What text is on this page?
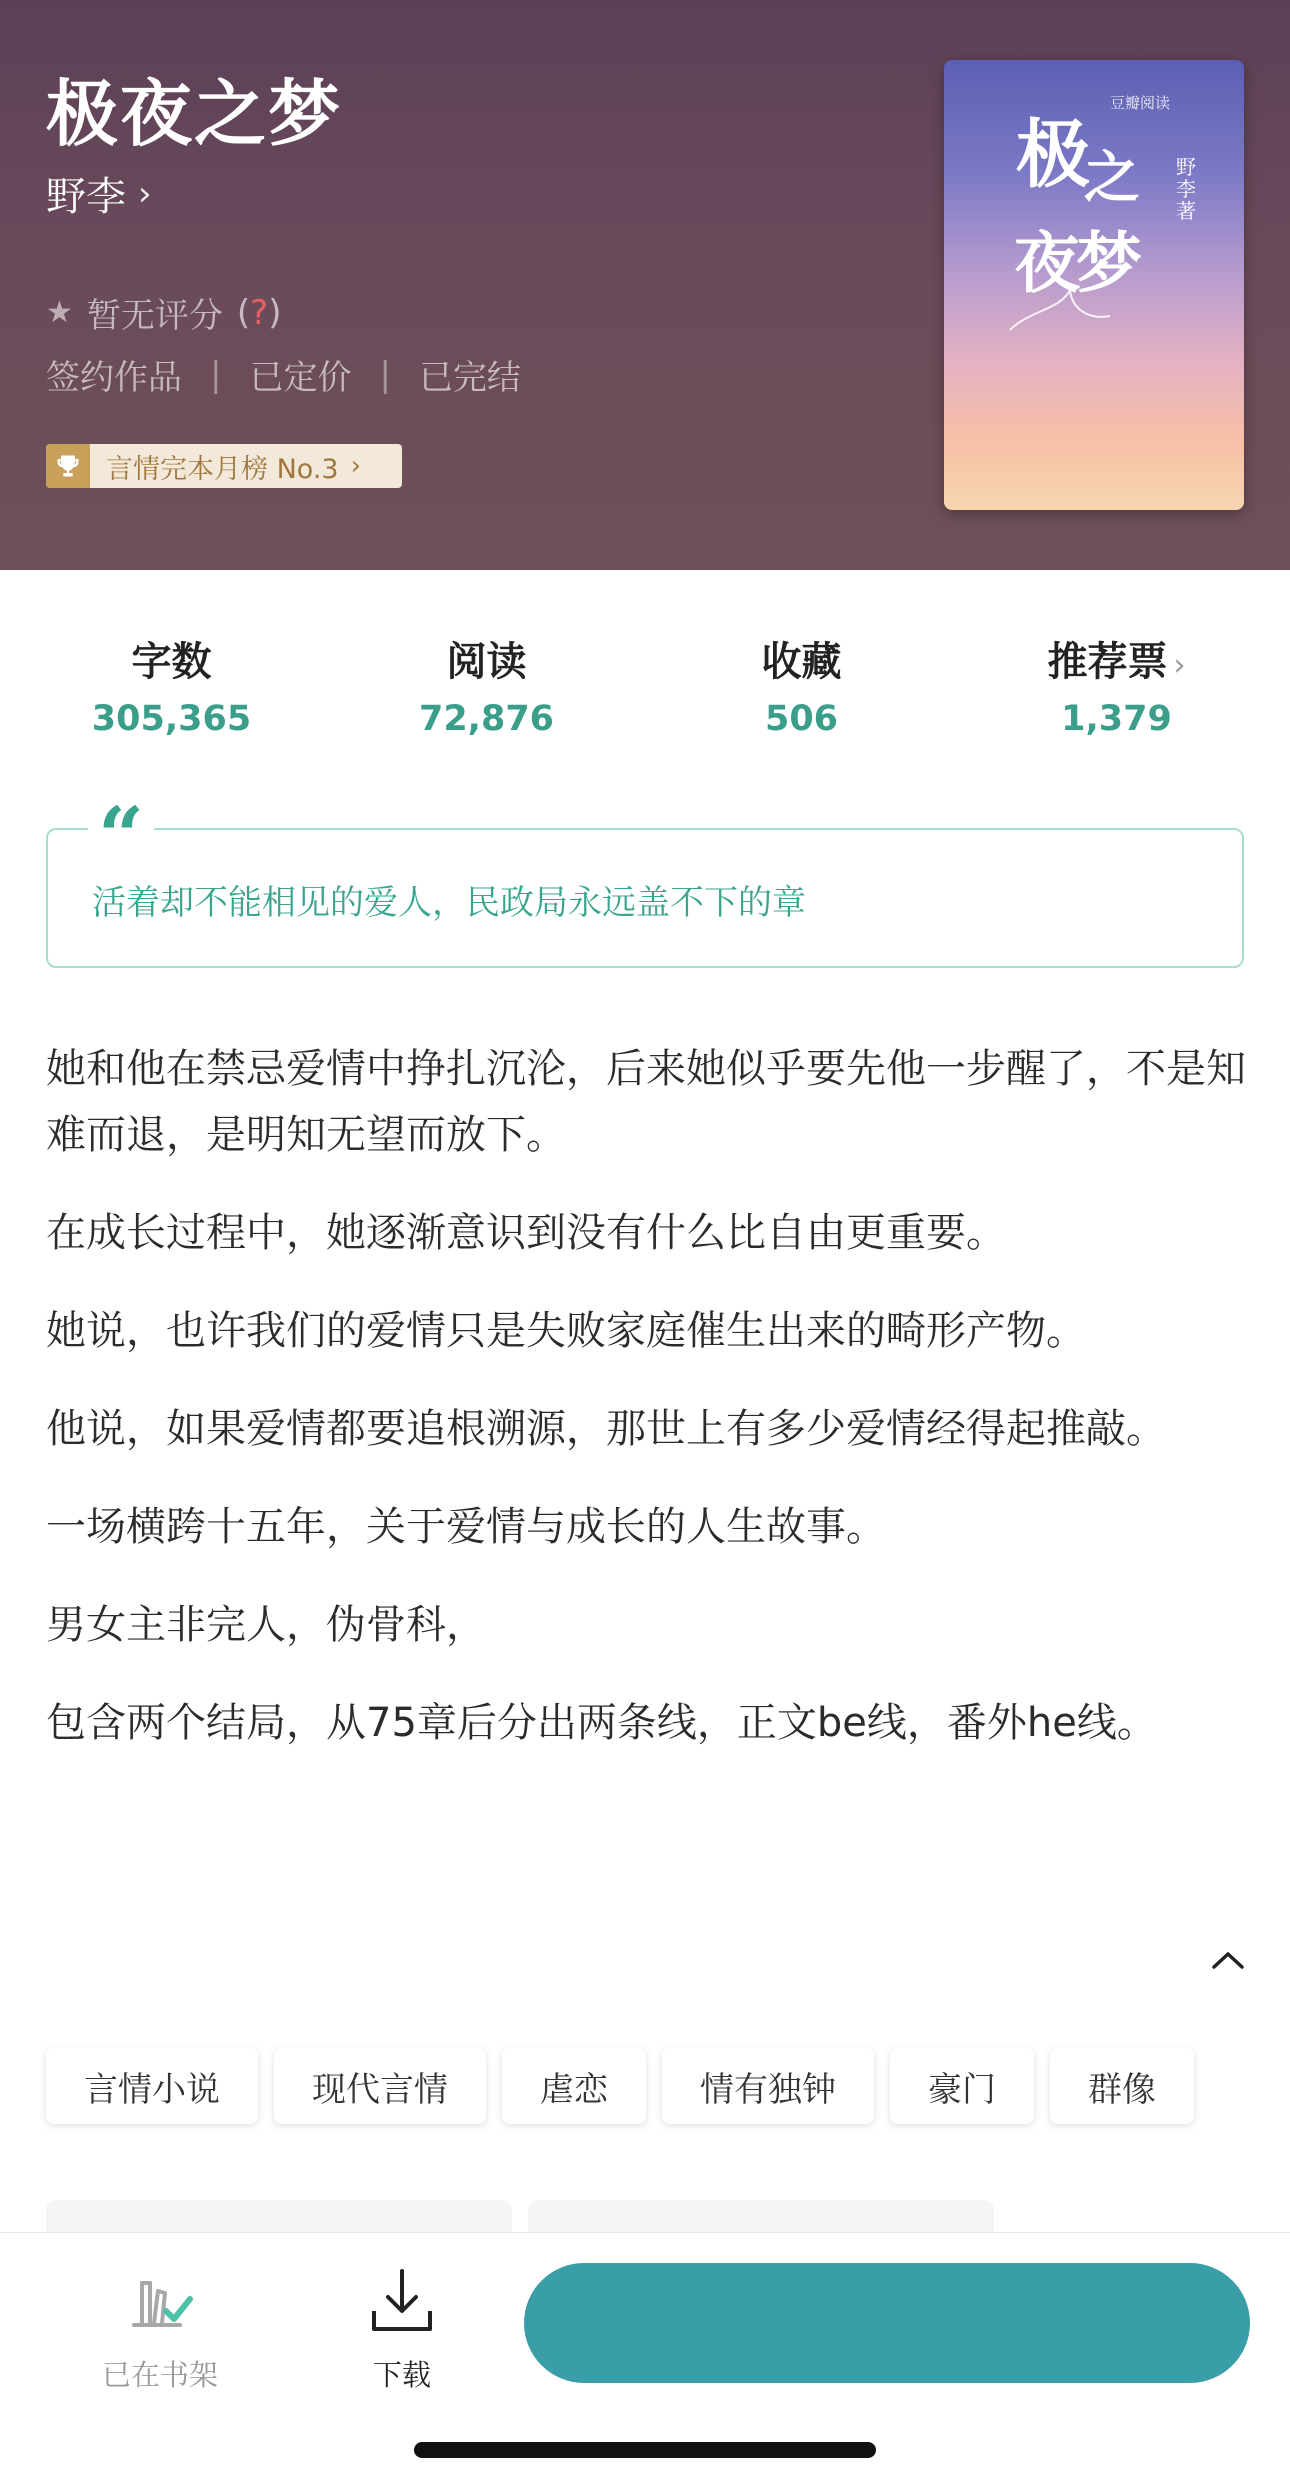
极夜之梦
野李 ›
★ 暂无评分 (?)
签约作品 | 已定价 | 已完结
言情完本月榜 No.3 ›
豆瓣阅读
极
之
夜梦
野李著
字数
305,365
阅读
72,876
收藏
506
推荐票 ›
1,379
“
活着却不能相见的爱人，民政局永远盖不下的章

她和他在禁忌爱情中挣扎沉沦，后来她似乎要先他一步醒了，不是知难而退，是明知无望而放下。

在成长过程中，她逐渐意识到没有什么比自由更重要。

她说，也许我们的爱情只是失败家庭催生出来的畸形产物。

他说，如果爱情都要追根溯源，那世上有多少爱情经得起推敲。

一场横跨十五年，关于爱情与成长的人生故事。

男女主非完人，伪骨科，

包含两个结局，从75章后分出两条线，正文be线，番外he线。

言情小说	现代言情	虐恋	情有独钟	豪门	群像
已在书架	下载
